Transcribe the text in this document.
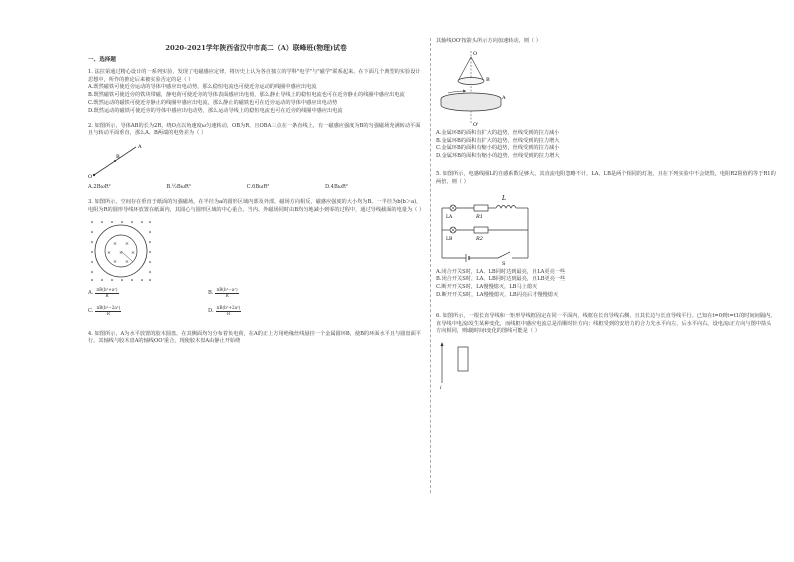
2020-2021学年陕西省汉中市高二（A）联峰班(物理)试卷
一、选择题
1. 法拉第通过精心设计的一系列实验，发现了电磁感应定律，将历史上认为各自独立的学科"电学"与"磁学"联系起来。在下面几个典型的实验设计思想中，所作的推论后来被实验否定的是（ ）
A.既然磁铁可使近旁运动的导体中感应出电动势，那么稳恒电流也可使近旁运动的线圈中感应出电流
B.既然磁铁可使近旁的铁块带磁，静电荷可使近旁的导体表面感应出电荷，那么静止导线上的稳恒电流也可在近旁静止的线圈中感应出电流
C.既然运动的磁铁可使近旁静止的线圈中感应出电流，那么静止的磁铁也可在近旁运动的导体中感应出电动势
D.既然运动的磁铁可使近旁的导体中感应出电动势，那么运动导线上的稳恒电流也可在近旁的线圈中感应出电流
2. 如图所示，导体AB的长为2R，绕O点以角速度ω匀速转动，OB为R，且OBA三点在一条直线上，有一磁感应强度为B的匀强磁场充满转动平面且与转动平面垂直，那么A、B两端的电势差为（ ）
A
B
O
A.2BωR²	B.½BωR²	C.6BωR²	D.4BωR²
3. 如图所示，空间存在垂直于纸面的匀强磁场，在半径为a的圆形区域内部及外部，磁场方向相反，磁感应强度的大小均为B。一半径为b(b＞a)，电阻为R的圆形导线环放置在纸面内，其圆心与圆形区域的中心重合。当内、外磁场同时由B均匀地减小到零的过程中，通过导线截面的电量为（ ）
× ×
× × ×
× ×
A. $\frac{\text{πB(b²+a²)}}{R}$	B. $\frac{\text{πB(b²−a²)}}{R}$
C. $\frac{\text{πB(b²−2a²)}}{R}$	D. $\frac{\text{πB(b²+2a²)}}{R}$
4. 如图所示，A为水平放置的胶木圆盘，在其侧面均匀分布着负电荷，在A的正上方用绝缘丝线悬挂一个金属圆环B，使B的环面水平且与圆盘面平行，其轴线与胶木盘A的轴线OO'重合，现使胶木盘A由静止开始绕
其轴线OO'按箭头所示方向加速转动，则（ ）
O
B
A
O'
A.金属环B的面积有扩大的趋势，丝线受到的拉力减小
B.金属环B的面积有扩大的趋势，丝线受到的拉力增大
C.金属环B的面积有缩小的趋势，丝线受到的拉力减小
D.金属环B的面积有缩小的趋势，丝线受到的拉力增大
5. 如图所示，电感线圈L的自感系数足够大，其直流电阻忽略不计，LA、LB是两个相同的灯泡，且在下列实验中不会烧毁，电阻R2阻值约等于R1的两倍，则（ ）
L
LA	R1
LB	R2
S
A.闭合开关S时，LA、LB同时达到最亮，且LA更亮一些
B.闭合开关S时，LA、LB同时达到最亮，且LB更亮一些
C.断开开关S时，LA慢慢熄灭，LB马上熄灭
D.断开开关S时，LA慢慢熄灭，LB闪亮后才慢慢熄灭
6. 如图所示，一根长直导线和一矩形导线框固定在同一平面内，线框在长直导线右侧，且其长边与长直导线平行。已知在t=0到t=t1的时间间隔内，直导线中电流i发生某种变化，而线框中感应电流总是沿顺时针方向；线框受到的安培力的合力先水平向左、后水平向右。设电流i正方向与图中箭头方向相同，则i随时间t变化的图线可能是（ ）
i
